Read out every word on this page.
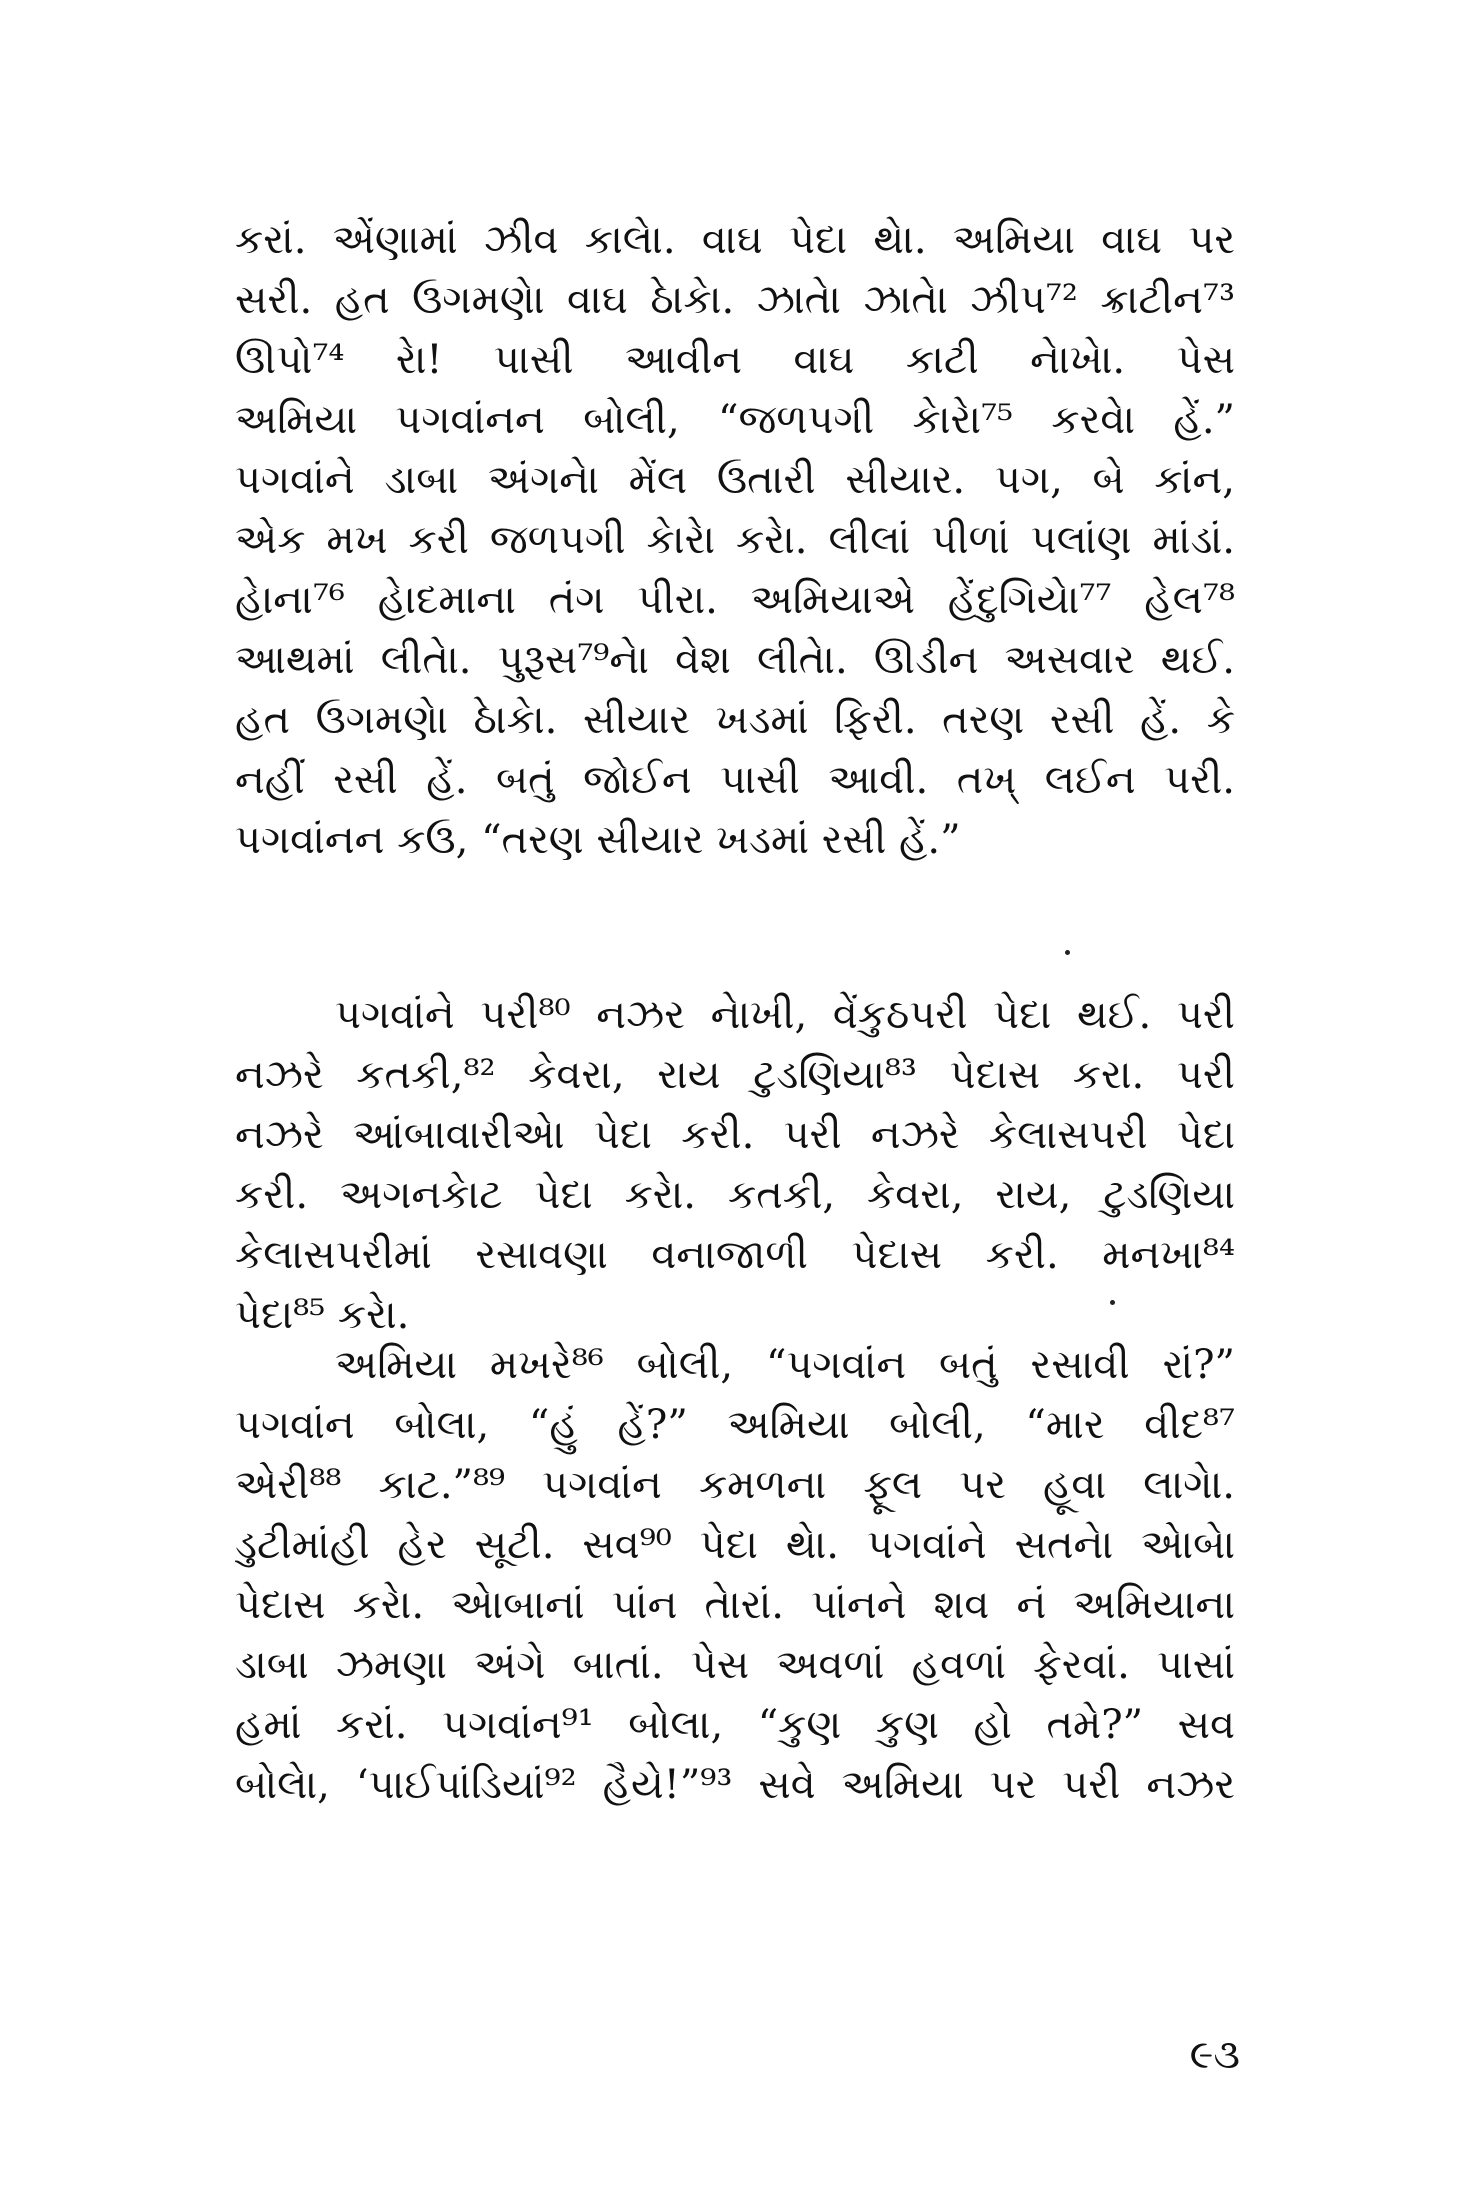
કરાં. એંણામાં ઝીવ કાલેા. વાઘ પેદા થેા. અમિયા વાઘ પર
સરી. હત ઉગમણેા વાઘ ઠેાકેા. ઝાતેા ઝાતેા ઝીપ⁷² ક્રાટીન⁷³
ઊપો⁷⁴ રેા! પાસી આવીન વાઘ કાટી નેાખેા. પેસ
અમિયા પગવાંનન બોલી, “જળપગી કેારેા⁷⁵ કરવેા હેં.”
પગવાંને ડાબા અંગનેા મેંલ ઉતારી સીયાર. પગ, બે કાંન,
એક મખ કરી જળપગી કેારેા કરેા. લીલાં પીળાં પલાંણ માંડાં.
હેાના⁷⁶ હેાદમાના તંગ પીરા. અમિયાએ હેંદુગિયેા⁷⁷ હેલ⁷⁸
આથમાં લીતેા. પુરૂસ⁷⁹નેા વેશ લીતેા. ઊડીન અસવાર થઈ.
હત ઉગમણેા ઠેાકેા. સીયાર ખડમાં ફિરી. તરણ રસી હેં. કે
નહીં રસી હેં. બતું જોઈન પાસી આવી. તખ્ લઈન પરી.
પગવાંનન કઉ, “તરણ સીયાર ખડમાં રસી હેં.”
પગવાંને પરી⁸⁰ નઝર નેાખી, વેંકુઠપરી પેદા થઈ. પરી
નઝરે કતકી,⁸² કેવરા, રાય ટુડણિયા⁸³ પેદાસ કરા. પરી
નઝરે આંબાવારીએા પેદા કરી. પરી નઝરે કેલાસપરી પેદા
કરી. અગનકેાટ પેદા કરેા. કતકી, કેવરા, રાય, ટુડણિયા
કેલાસપરીમાં રસાવણા વનાજાળી પેદાસ કરી. મનખા⁸⁴
પેદા⁸⁵ કરેા.
અમિયા મખરે⁸⁶ બોલી, “પગવાંન બતું રસાવી રાં?”
પગવાંન બોલા, “હું હેં?” અમિયા બોલી, “માર વીદ⁸⁷
એરી⁸⁸ કાટ.”⁸⁹ પગવાંન કમળના ફૂલ પર હૂવા લાગેા.
ડુટીમાંહી હેર સૂટી. સવ⁹⁰ પેદા થેા. પગવાંને સતનેા એાબેા
પેદાસ કરેા. એાબાનાં પાંન તેારાં. પાંનને શવ નં અમિયાના
ડાબા ઝમણા અંગે બાતાં. પેસ અવળાં હવળાં ફેરવાં. પાસાં
હમાં કરાં. પગવાંન⁹¹ બોલા, “કુણ કુણ હો તમે?” સવ
બોલેા, ‘પાઈપાંડિયાં⁹² હૈયે!”⁹³ સવે અમિયા પર પરી નઝર
૯૩
